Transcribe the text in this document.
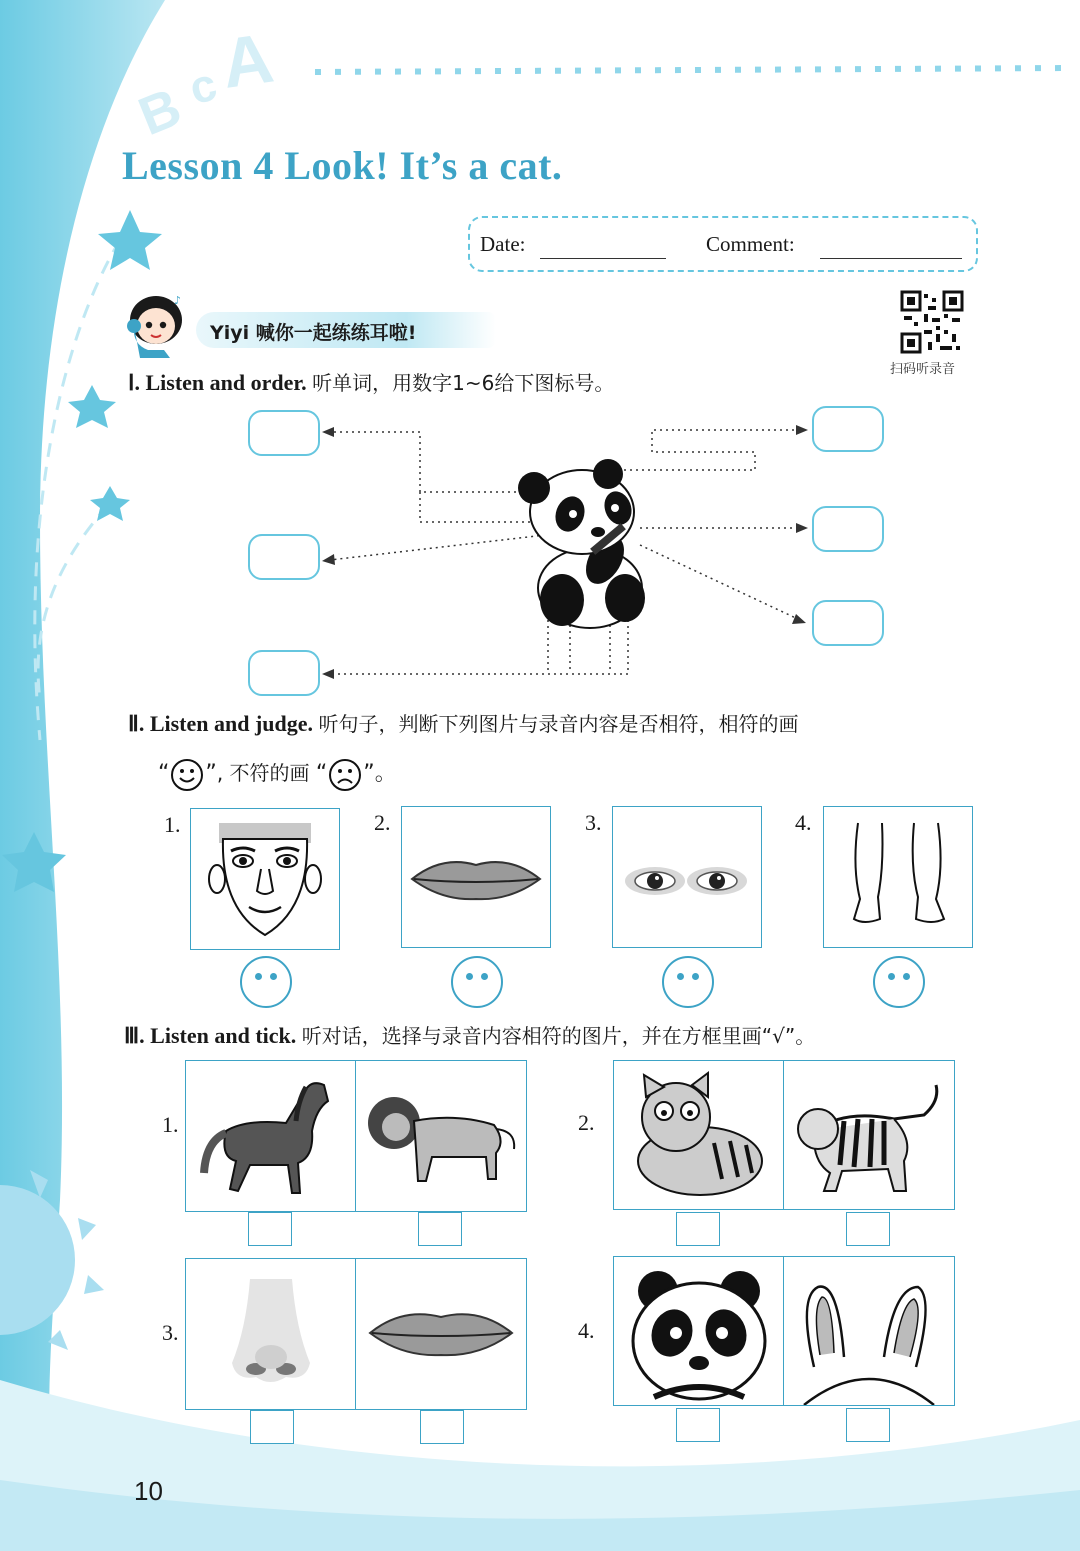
B
c
A
Lesson 4 Look! It’s a cat.
Date:	Comment:
♪
Yiyi 喊你一起练练耳啦!
扫码听录音
Ⅰ. Listen and order. 听单词，用数字1~6给下图标号。
Ⅱ. Listen and judge. 听句子，判断下列图片与录音内容是否相符，相符的画
“ ”, 不符的画 “ ”。
1.	2.	3.	4.
Ⅲ. Listen and tick. 听对话，选择与录音内容相符的图片，并在方框里画“√”。
1.	2.
3.	4.
10
